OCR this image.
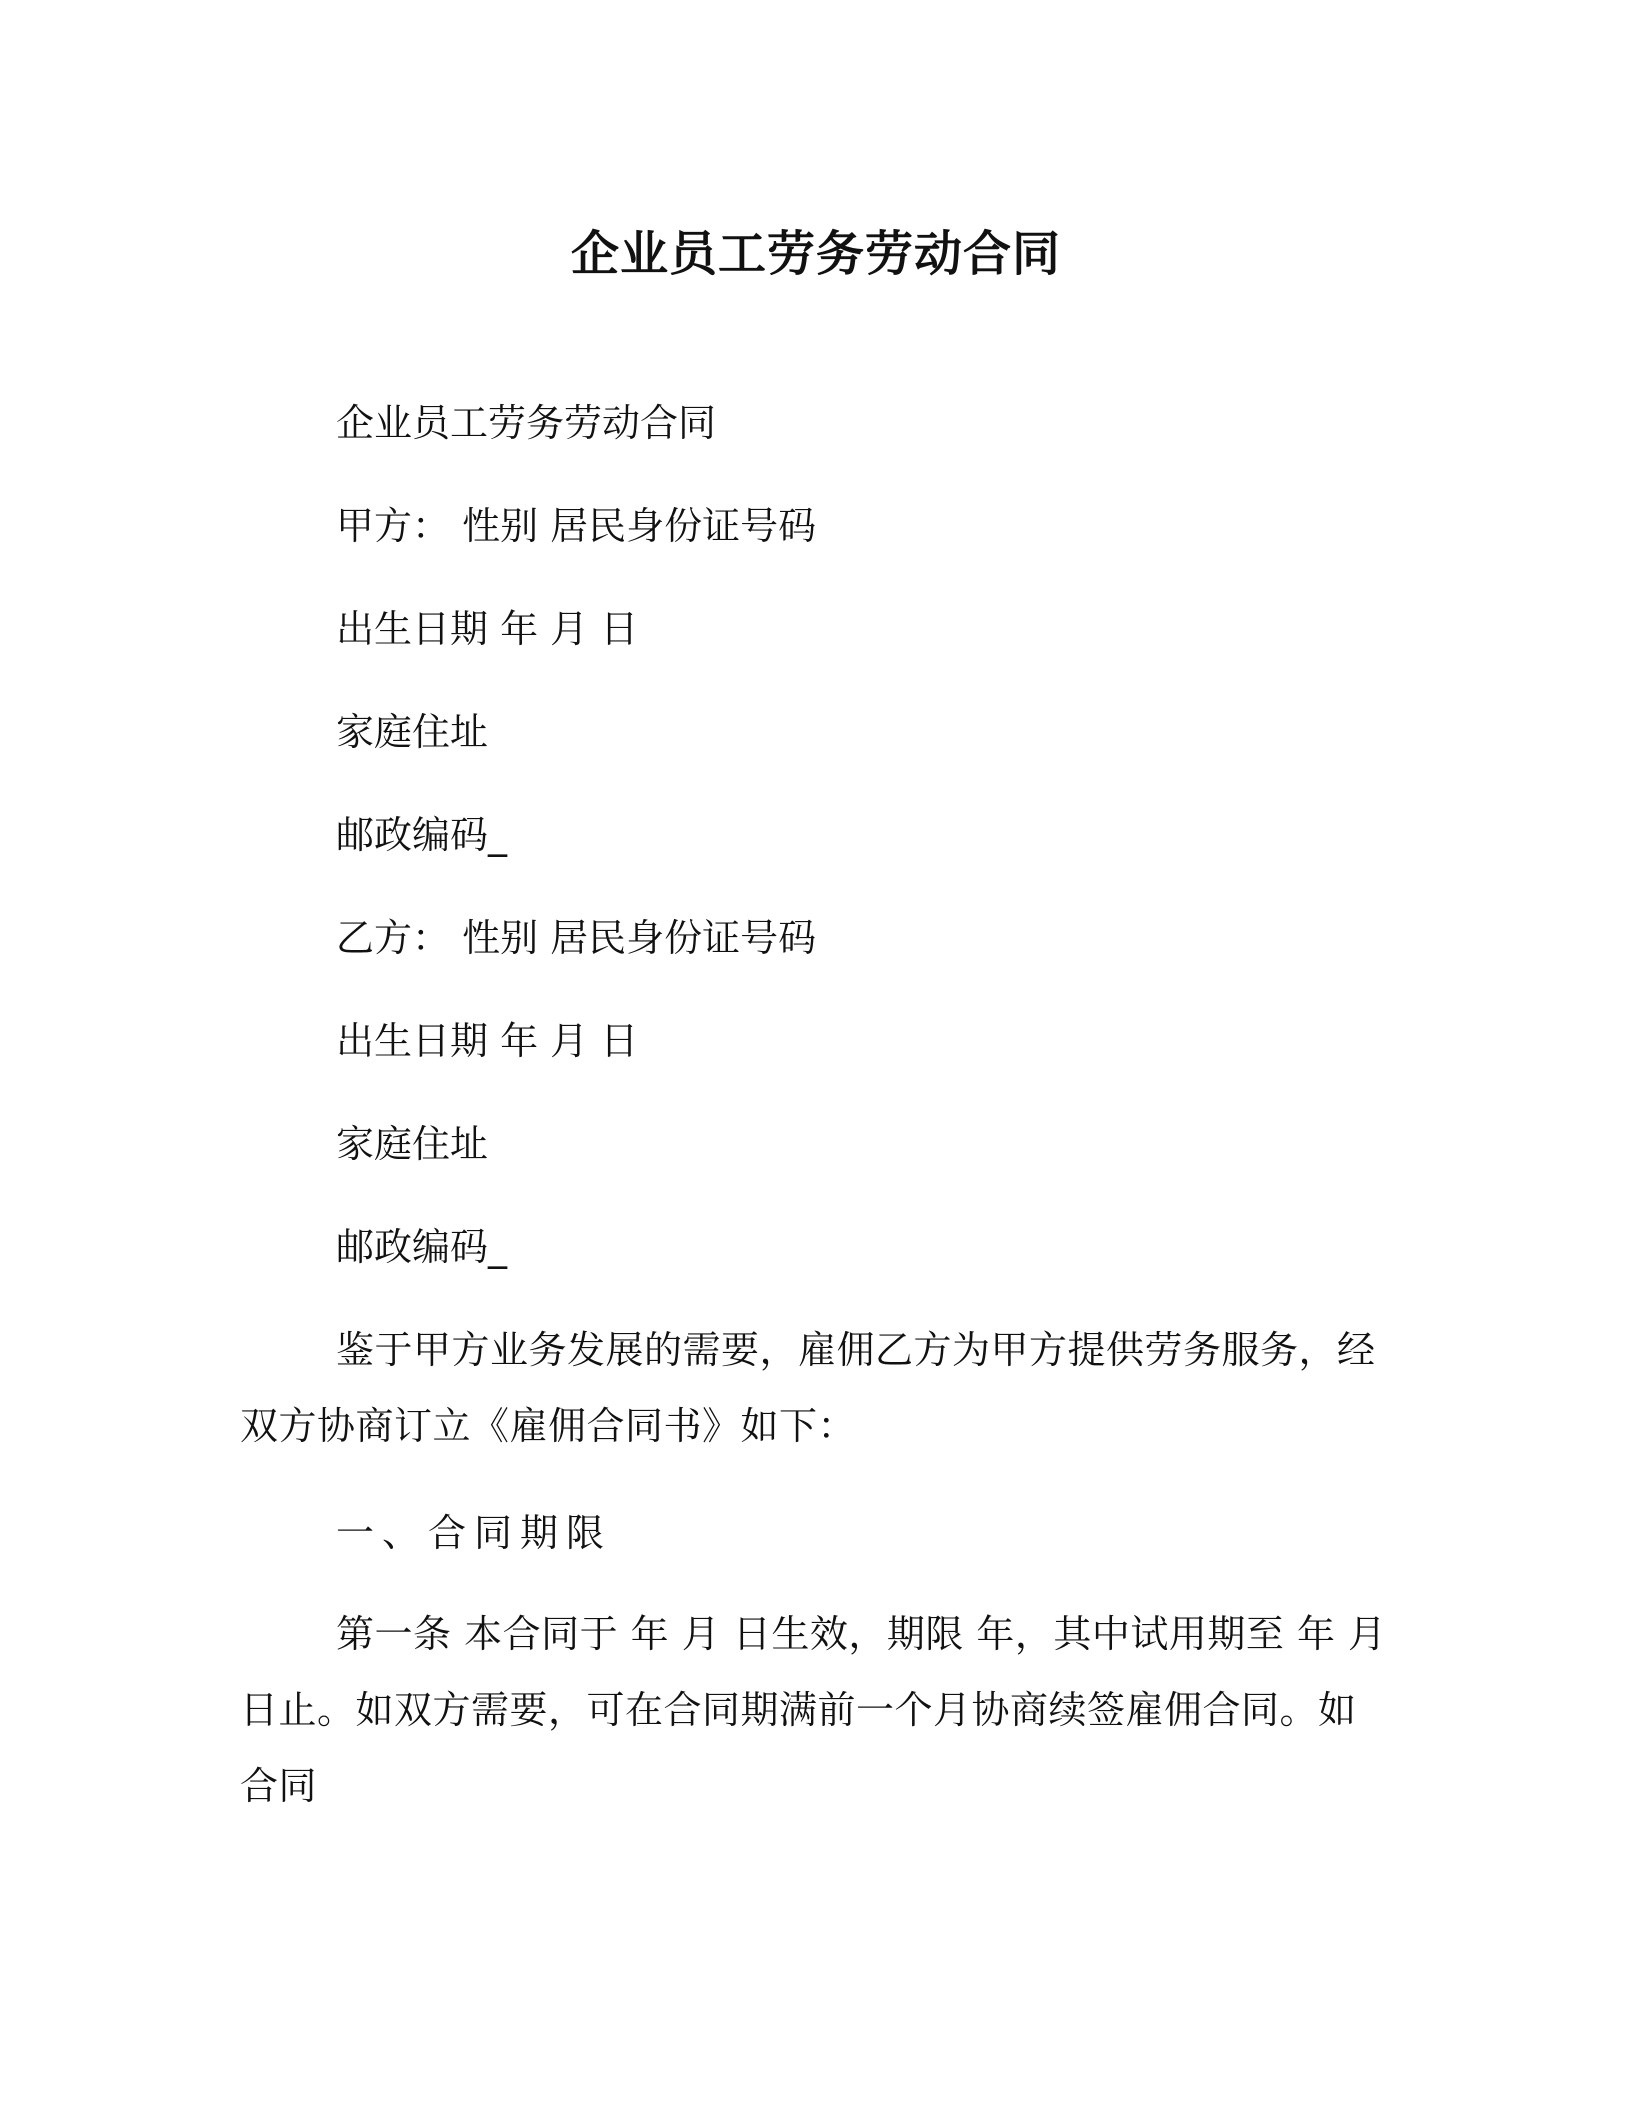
企业员工劳务劳动合同
企业员工劳务劳动合同
甲方： 性别 居民身份证号码
出生日期 年 月 日
家庭住址
邮政编码_
乙方： 性别 居民身份证号码
出生日期 年 月 日
家庭住址
邮政编码_
鉴于甲方业务发展的需要，雇佣乙方为甲方提供劳务服务，经双方协商订立《雇佣合同书》如下：
一、合同期限
第一条 本合同于 年 月 日生效，期限 年，其中试用期至 年 月日止。如双方需要，可在合同期满前一个月协商续签雇佣合同。如合同
